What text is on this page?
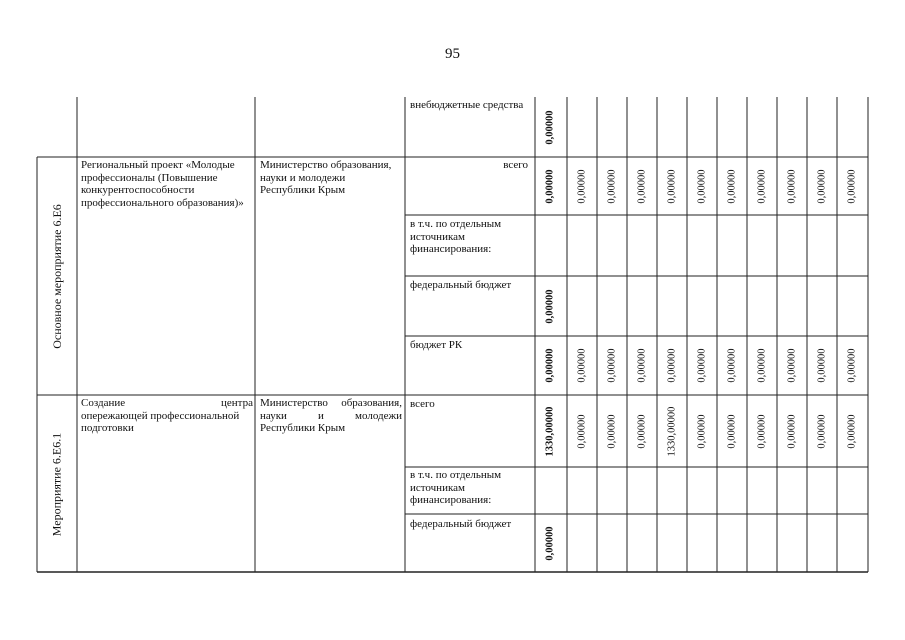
95
внебюджетные средства
0,00000
Основное мероприятие 6.Е6
Региональный проект «Молодые профессионалы (Повышение конкурентоспособности профессионального образования)»
Министерство образования, науки и молодежи Республики Крым
всего
0,00000 0,00000 0,00000 0,00000 0,00000 0,00000 0,00000 0,00000 0,00000 0,00000 0,00000
в т.ч. по отдельным источникам финансирования:
федеральный бюджет
0,00000
бюджет РК
0,00000 0,00000 0,00000 0,00000 0,00000 0,00000 0,00000 0,00000 0,00000 0,00000 0,00000
Мероприятие 6.Е6.1
Создание	центра
опережающей профессиональной подготовки
Министерство образования, науки и молодежи Республики Крым
всего
1330,00000 0,00000 0,00000 0,00000 1330,00000 0,00000 0,00000 0,00000 0,00000 0,00000 0,00000
в т.ч. по отдельным источникам финансирования:
федеральный бюджет
0,00000
